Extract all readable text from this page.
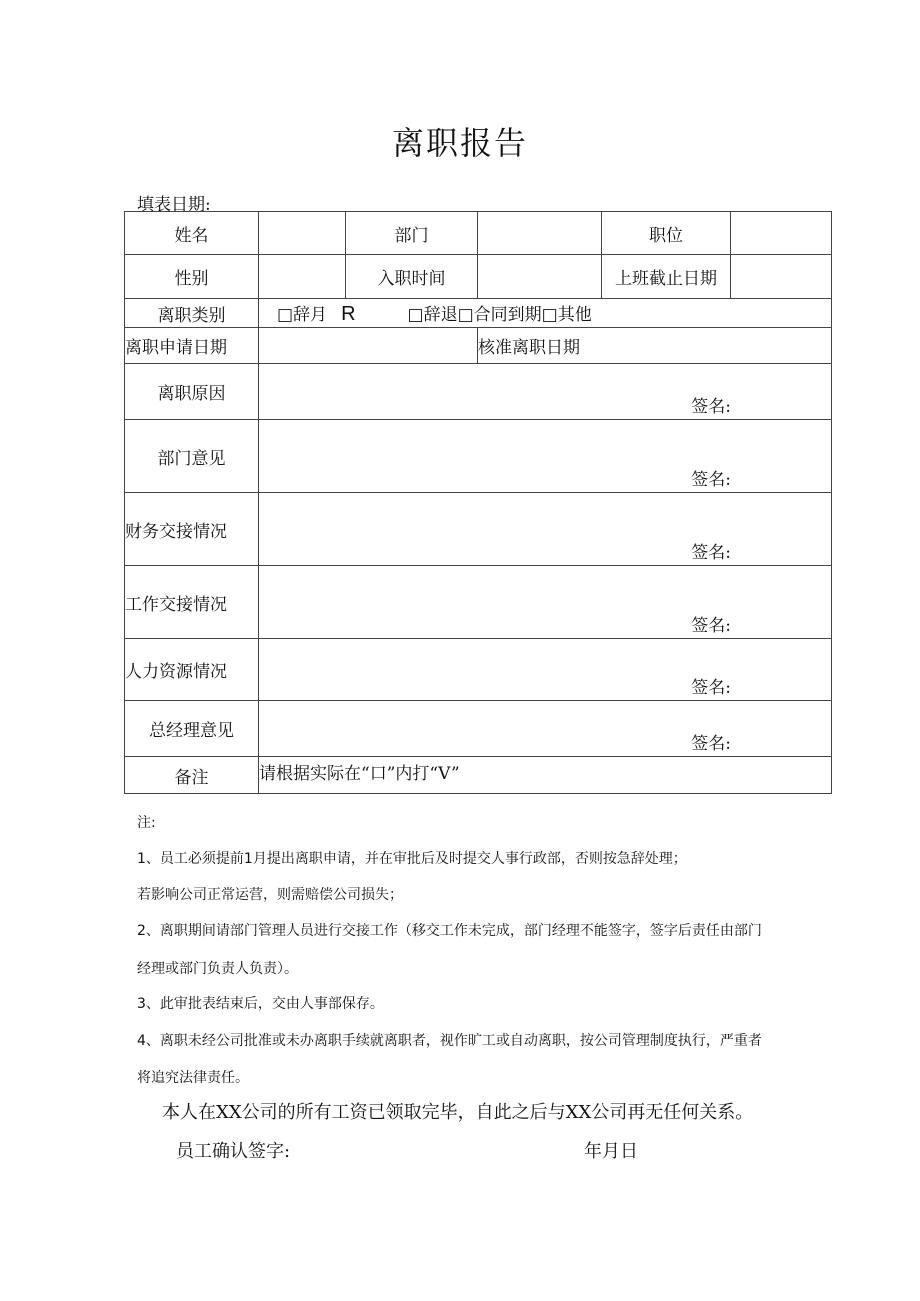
离职报告
填表日期:
姓名		部门		职位	
性别		入职时间		上班截止日期	
离职类别	□辞月 R □辞退□合同到期□其他				
离职申请日期			核准离职日期		
离职原因	签名:				

部门意见	签名:				

财务交接情况	签名:				

工作交接情况	签名:				

人力资源情况	签名:				

总经理意见	签名:				

备注	请根据实际在“口”内打“V”				

注:

1、员工必须提前1月提出离职申请，并在审批后及时提交人事行政部，否则按急辞处理；

若影响公司正常运营，则需赔偿公司损失；

2、离职期间请部门管理人员进行交接工作（移交工作未完成，部门经理不能签字，签字后责任由部门

经理或部门负责人负责）。

3、此审批表结束后，交由人事部保存。

4、离职未经公司批准或未办离职手续就离职者，视作旷工或自动离职，按公司管理制度执行，严重者

将追究法律责任。

本人在XX公司的所有工资已领取完毕，自此之后与XX公司再无任何关系。
员工确认签字:	年月日
